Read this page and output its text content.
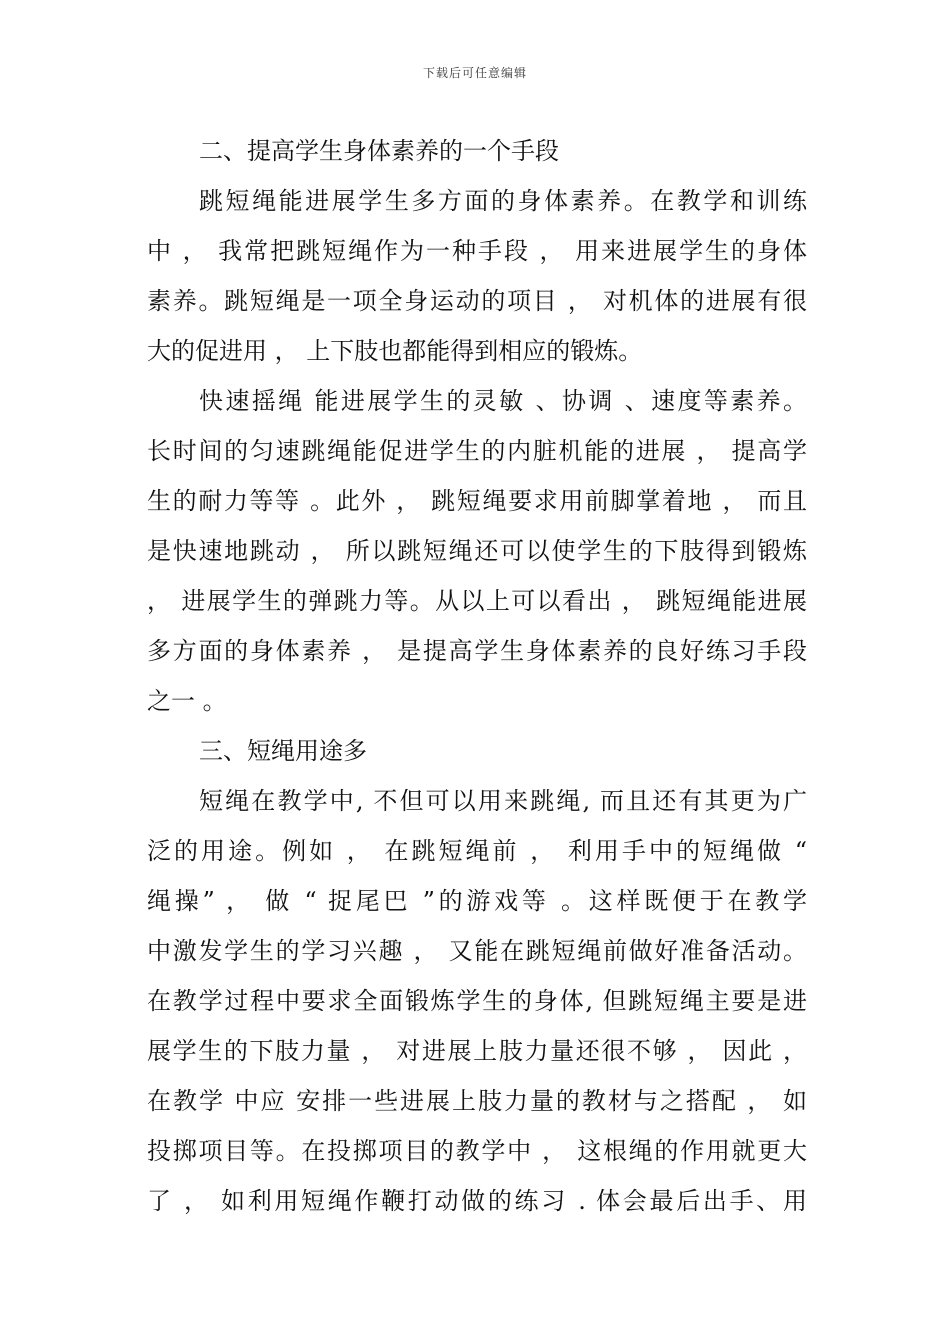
下载后可任意编辑
二、提高学生身体素养的一个手段
跳短绳能进展学生多方面的身体素养。在教学和训练
中 ， 我常把跳短绳作为一种手段 ， 用来进展学生的身体
素养。跳短绳是一项全身运动的项目 ， 对机体的进展有很
大的促进用 ， 上下肢也都能得到相应的锻炼。
快速摇绳 能进展学生的灵敏 、协调 、速度等素养。
长时间的匀速跳绳能促进学生的内脏机能的进展 ， 提高学
生的耐力等等 。此外 ， 跳短绳要求用前脚掌着地 ， 而且
是快速地跳动 ， 所以跳短绳还可以使学生的下肢得到锻炼
， 进展学生的弹跳力等。从以上可以看出 ， 跳短绳能进展
多方面的身体素养 ， 是提高学生身体素养的良好练习手段
之一 。
三、短绳用途多
短绳在教学中, 不但可以用来跳绳, 而且还有其更为广
泛的用途。例如 ， 在跳短绳前 ， 利用手中的短绳做 “
绳操” ， 做 “ 捉尾巴 ”的游戏等 。这样既便于在教学
中激发学生的学习兴趣 ， 又能在跳短绳前做好准备活动。
在教学过程中要求全面锻炼学生的身体, 但跳短绳主要是进
展学生的下肢力量 ， 对进展上肢力量还很不够 ， 因此 ，
在教学 中应 安排一些进展上肢力量的教材与之搭配 ， 如
投掷项目等。在投掷项目的教学中 ， 这根绳的作用就更大
了 ， 如利用短绳作鞭打动做的练习 . 体会最后出手、用
